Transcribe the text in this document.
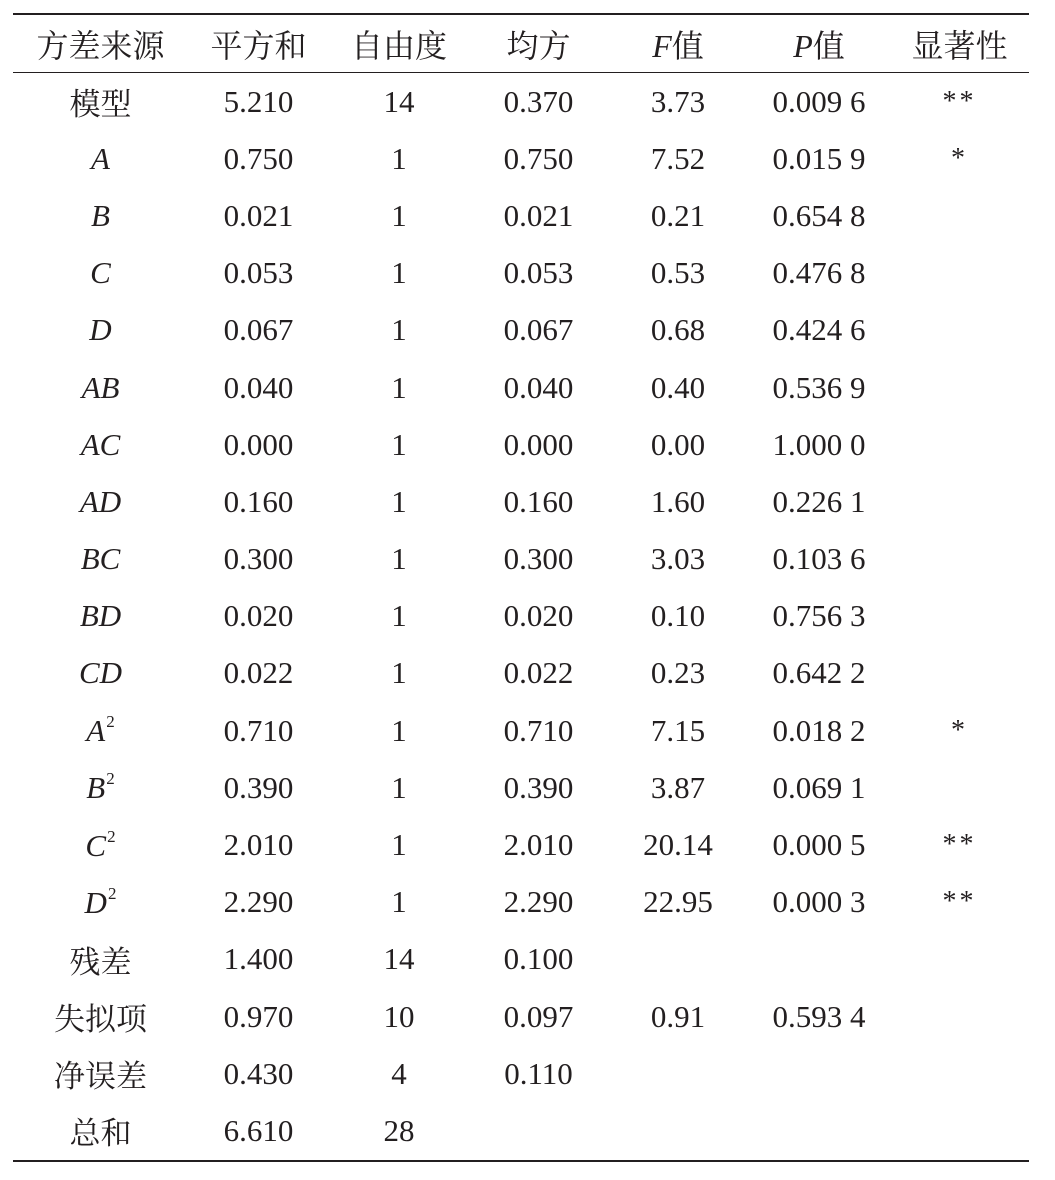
方差来源	平方和	自由度	均方	F值	P值	显著性
模型	5.210	14	0.370	3.73	0.009 6	**
A	0.750	1	0.750	7.52	0.015 9	*
B	0.021	1	0.021	0.21	0.654 8	
C	0.053	1	0.053	0.53	0.476 8	
D	0.067	1	0.067	0.68	0.424 6	
AB	0.040	1	0.040	0.40	0.536 9	
AC	0.000	1	0.000	0.00	1.000 0	
AD	0.160	1	0.160	1.60	0.226 1	
BC	0.300	1	0.300	3.03	0.103 6	
BD	0.020	1	0.020	0.10	0.756 3	
CD	0.022	1	0.022	0.23	0.642 2	
$A^2$	0.710	1	0.710	7.15	0.018 2	*
$B^2$	0.390	1	0.390	3.87	0.069 1	
$C^2$	2.010	1	2.010	20.14	0.000 5	**
$D^2$	2.290	1	2.290	22.95	0.000 3	**
残差	1.400	14	0.100			
失拟项	0.970	10	0.097	0.91	0.593 4	
净误差	0.430	4	0.110			
总和	6.610	28				
